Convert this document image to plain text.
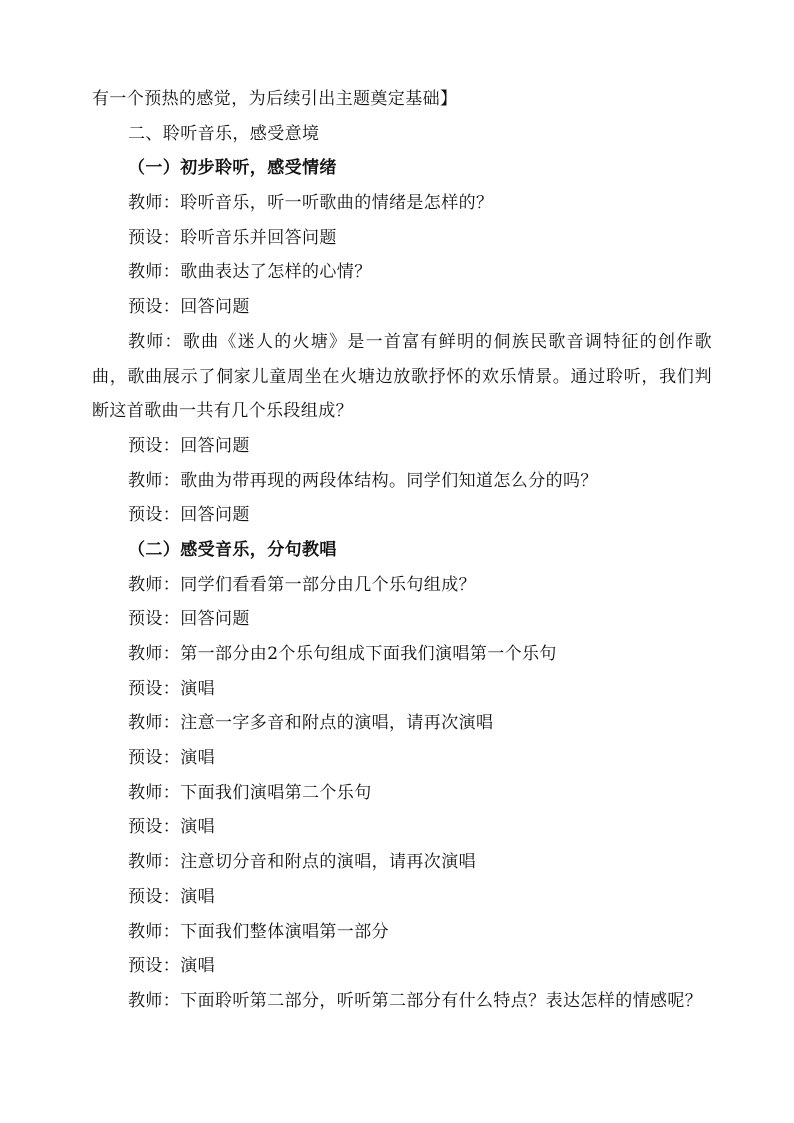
有一个预热的感觉，为后续引出主题奠定基础】
二、聆听音乐，感受意境
（一）初步聆听，感受情绪
教师：聆听音乐，听一听歌曲的情绪是怎样的？
预设：聆听音乐并回答问题
教师：歌曲表达了怎样的心情？
预设：回答问题
教师：歌曲《迷人的火塘》是一首富有鲜明的侗族民歌音调特征的创作歌曲，歌曲展示了侗家儿童周坐在火塘边放歌抒怀的欢乐情景。通过聆听，我们判断这首歌曲一共有几个乐段组成？
预设：回答问题
教师：歌曲为带再现的两段体结构。同学们知道怎么分的吗？
预设：回答问题
（二）感受音乐，分句教唱
教师：同学们看看第一部分由几个乐句组成？
预设：回答问题
教师：第一部分由2个乐句组成下面我们演唱第一个乐句
预设：演唱
教师：注意一字多音和附点的演唱，请再次演唱
预设：演唱
教师：下面我们演唱第二个乐句
预设：演唱
教师：注意切分音和附点的演唱，请再次演唱
预设：演唱
教师：下面我们整体演唱第一部分
预设：演唱
教师：下面聆听第二部分，听听第二部分有什么特点？表达怎样的情感呢？
